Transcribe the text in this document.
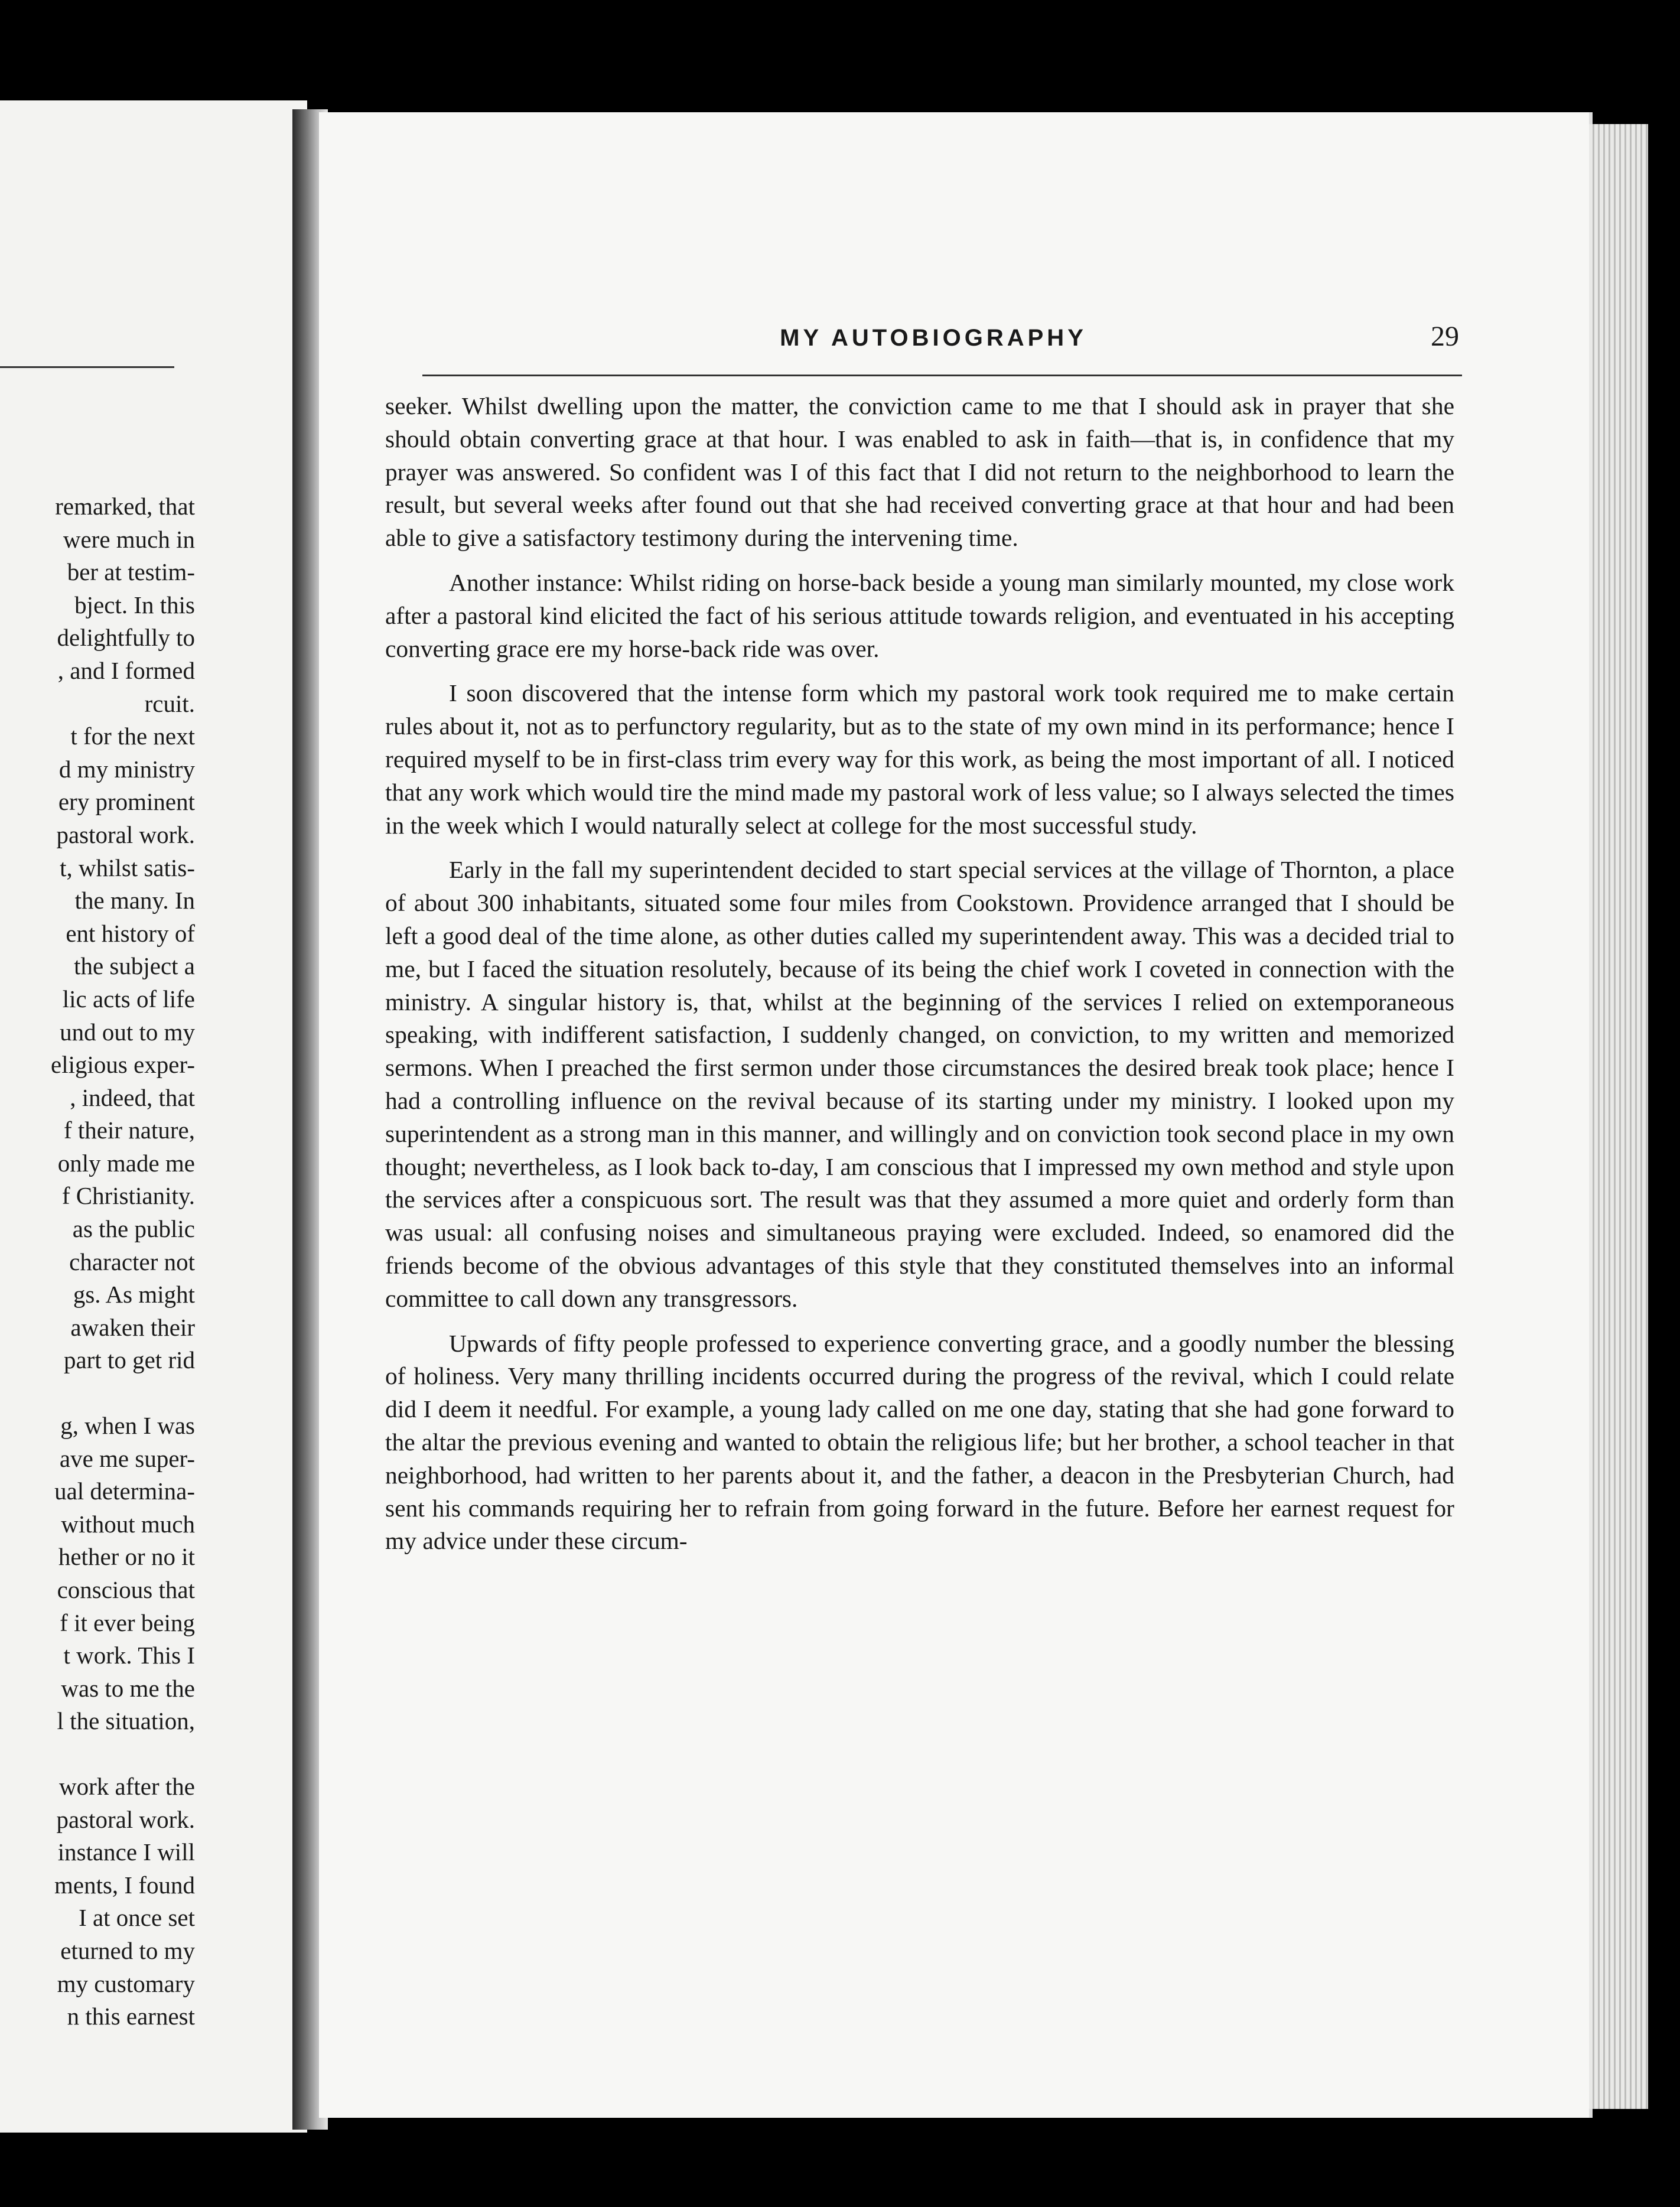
remarked, that
were much in
ber at testim-
bject. In this
delightfully to
, and I formed
rcuit.
t for the next
d my ministry
ery prominent
pastoral work.
t, whilst satis-
the many. In
ent history of
the subject a
lic acts of life
und out to my
eligious exper-
, indeed, that
f their nature,
only made me
f Christianity.
as the public
character not
gs. As might
awaken their
part to get rid
g, when I was
ave me super-
ual determina-
without much
hether or no it
conscious that
f it ever being
t work. This I
was to me the
l the situation,
work after the
pastoral work.
instance I will
ments, I found
I at once set
eturned to my
my customary
n this earnest
MY AUTOBIOGRAPHY	29

seeker. Whilst dwelling upon the matter, the conviction came to me that I should ask in prayer that she should obtain converting grace at that hour. I was enabled to ask in faith—that is, in confidence that my prayer was answered. So confident was I of this fact that I did not return to the neighborhood to learn the result, but several weeks after found out that she had received converting grace at that hour and had been able to give a satisfactory testimony during the intervening time.

Another instance: Whilst riding on horse-back beside a young man similarly mounted, my close work after a pastoral kind elicited the fact of his serious attitude towards religion, and eventuated in his accepting converting grace ere my horse-back ride was over.

I soon discovered that the intense form which my pastoral work took required me to make certain rules about it, not as to perfunctory regularity, but as to the state of my own mind in its performance; hence I required myself to be in first-class trim every way for this work, as being the most important of all. I noticed that any work which would tire the mind made my pastoral work of less value; so I always selected the times in the week which I would naturally select at college for the most successful study.

Early in the fall my superintendent decided to start special services at the village of Thornton, a place of about 300 inhabitants, situated some four miles from Cookstown. Providence arranged that I should be left a good deal of the time alone, as other duties called my superintendent away. This was a decided trial to me, but I faced the situation resolutely, because of its being the chief work I coveted in connection with the ministry. A singular history is, that, whilst at the beginning of the services I relied on extemporaneous speaking, with indifferent satisfaction, I suddenly changed, on conviction, to my written and memorized sermons. When I preached the first sermon under those circumstances the desired break took place; hence I had a controlling influence on the revival because of its starting under my ministry. I looked upon my superintendent as a strong man in this manner, and willingly and on conviction took second place in my own thought; nevertheless, as I look back to-day, I am conscious that I impressed my own method and style upon the services after a conspicuous sort. The result was that they assumed a more quiet and orderly form than was usual: all confusing noises and simultaneous praying were excluded. Indeed, so enamored did the friends become of the obvious advantages of this style that they constituted themselves into an informal committee to call down any transgressors.

Upwards of fifty people professed to experience converting grace, and a goodly number the blessing of holiness. Very many thrilling incidents occurred during the progress of the revival, which I could relate did I deem it needful. For example, a young lady called on me one day, stating that she had gone forward to the altar the previous evening and wanted to obtain the religious life; but her brother, a school teacher in that neighborhood, had written to her parents about it, and the father, a deacon in the Presbyterian Church, had sent his commands requiring her to refrain from going forward in the future. Before her earnest request for my advice under these circum-
